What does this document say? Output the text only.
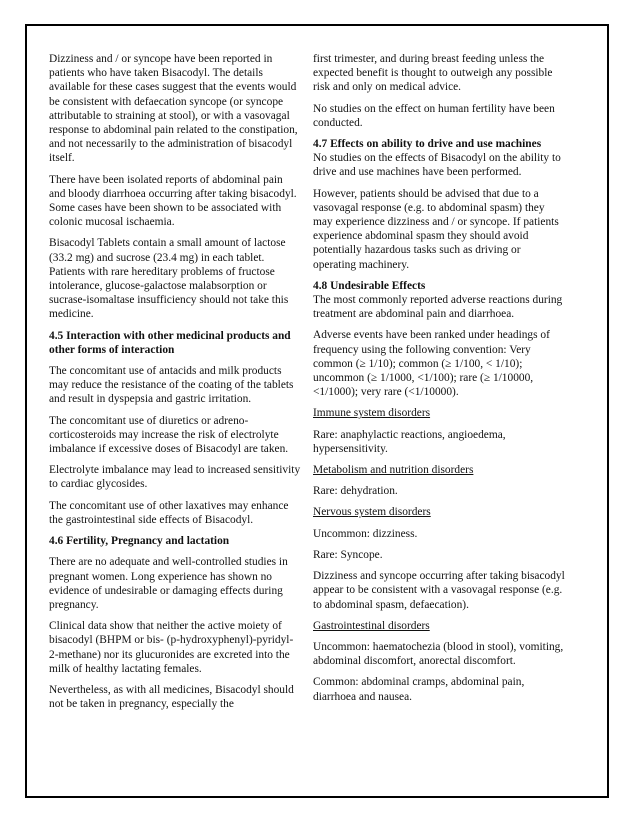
Dizziness and / or syncope have been reported in patients who have taken Bisacodyl. The details available for these cases suggest that the events would be consistent with defaecation syncope (or syncope attributable to straining at stool), or with a vasovagal response to abdominal pain related to the constipation, and not necessarily to the administration of bisacodyl itself.

There have been isolated reports of abdominal pain and bloody diarrhoea occurring after taking bisacodyl. Some cases have been shown to be associated with colonic mucosal ischaemia.

Bisacodyl Tablets contain a small amount of lactose (33.2 mg) and sucrose (23.4 mg) in each tablet. Patients with rare hereditary problems of fructose intolerance, glucose-galactose malabsorption or sucrase-isomaltase insufficiency should not take this medicine.

4.5 Interaction with other medicinal products and other forms of interaction

The concomitant use of antacids and milk products may reduce the resistance of the coating of the tablets and result in dyspepsia and gastric irritation.

The concomitant use of diuretics or adreno-corticosteroids may increase the risk of electrolyte imbalance if excessive doses of Bisacodyl are taken.

Electrolyte imbalance may lead to increased sensitivity to cardiac glycosides.

The concomitant use of other laxatives may enhance the gastrointestinal side effects of Bisacodyl.

4.6 Fertility, Pregnancy and lactation

There are no adequate and well-controlled studies in pregnant women. Long experience has shown no evidence of undesirable or damaging effects during pregnancy.

Clinical data show that neither the active moiety of bisacodyl (BHPM or bis- (p-hydroxyphenyl)-pyridyl-2-methane) nor its glucuronides are excreted into the milk of healthy lactating females.

Nevertheless, as with all medicines, Bisacodyl should not be taken in pregnancy, especially the

first trimester, and during breast feeding unless the expected benefit is thought to outweigh any possible risk and only on medical advice.

No studies on the effect on human fertility have been conducted.

4.7 Effects on ability to drive and use machines

No studies on the effects of Bisacodyl on the ability to drive and use machines have been performed.

However, patients should be advised that due to a vasovagal response (e.g. to abdominal spasm) they may experience dizziness and / or syncope. If patients experience abdominal spasm they should avoid potentially hazardous tasks such as driving or operating machinery.

4.8 Undesirable Effects

The most commonly reported adverse reactions during treatment are abdominal pain and diarrhoea.

Adverse events have been ranked under headings of frequency using the following convention: Very common (≥ 1/10); common (≥ 1/100, < 1/10); uncommon (≥ 1/1000, <1/100); rare (≥ 1/10000, <1/1000); very rare (<1/10000).

Immune system disorders

Rare: anaphylactic reactions, angioedema, hypersensitivity.

Metabolism and nutrition disorders

Rare: dehydration.

Nervous system disorders

Uncommon: dizziness.

Rare: Syncope.

Dizziness and syncope occurring after taking bisacodyl appear to be consistent with a vasovagal response (e.g. to abdominal spasm, defaecation).

Gastrointestinal disorders

Uncommon: haematochezia (blood in stool), vomiting, abdominal discomfort, anorectal discomfort.

Common: abdominal cramps, abdominal pain, diarrhoea and nausea.
